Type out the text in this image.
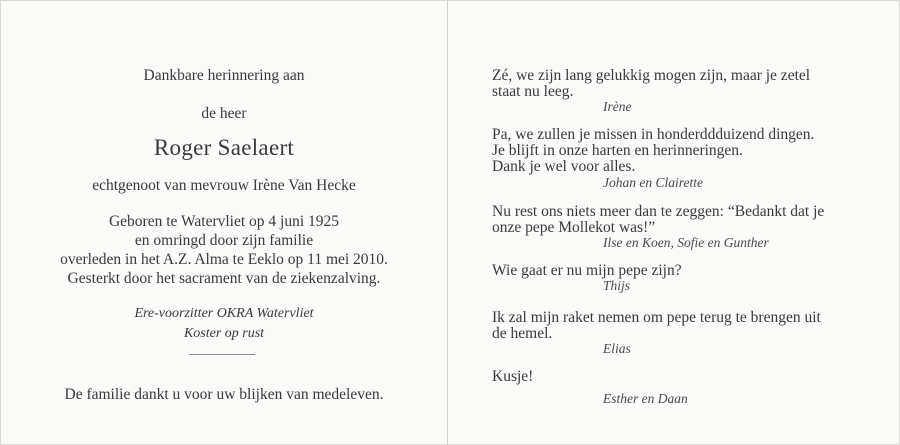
Dankbare herinnering aan
de heer
Roger Saelaert
echtgenoot van mevrouw Irène Van Hecke
Geboren te Watervliet op 4 juni 1925
en omringd door zijn familie
overleden in het A.Z. Alma te Eeklo op 11 mei 2010.
Gesterkt door het sacrament van de ziekenzalving.
Ere-voorzitter OKRA Watervliet
Koster op rust
De familie dankt u voor uw blijken van medeleven.
Zé, we zijn lang gelukkig mogen zijn, maar je zetel
staat nu leeg.
Irène
Pa, we zullen je missen in honderddduizend dingen.
Je blijft in onze harten en herinneringen.
Dank je wel voor alles.
Johan en Clairette
Nu rest ons niets meer dan te zeggen: “Bedankt dat je
onze pepe Mollekot was!”
Ilse en Koen, Sofie en Gunther
Wie gaat er nu mijn pepe zijn?
Thijs
Ik zal mijn raket nemen om pepe terug te brengen uit
de hemel.
Elias
Kusje!
Esther en Daan
